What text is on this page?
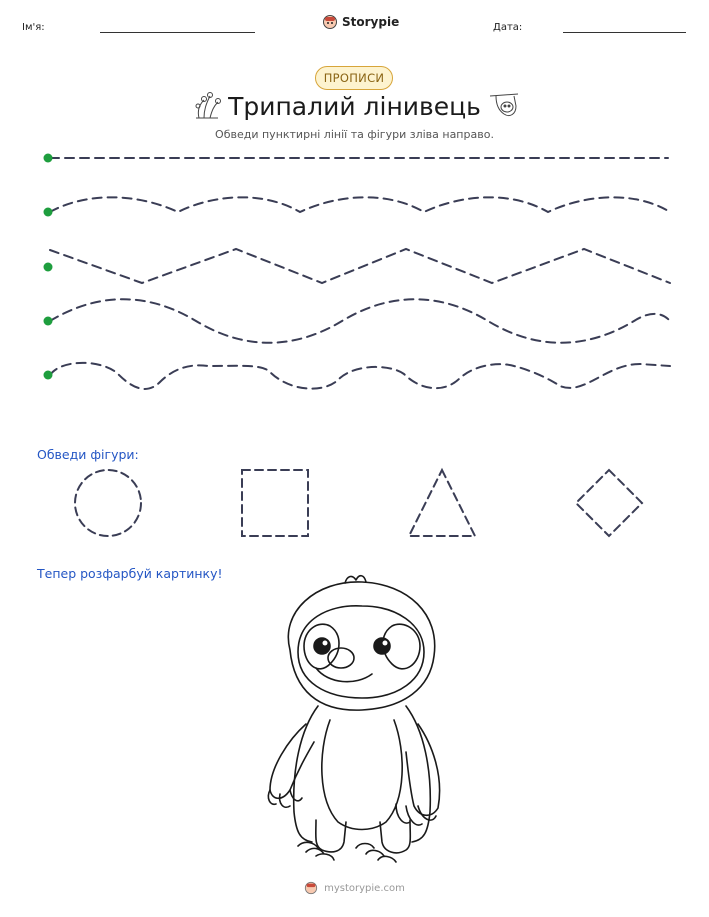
Ім'я:	Storypie	Дата:
ПРОПИСИ
Трипалий лінивець
Обведи пунктирні лінії та фігури зліва направо.
Обведи фігури:
Тепер розфарбуй картинку!
mystorypie.com
